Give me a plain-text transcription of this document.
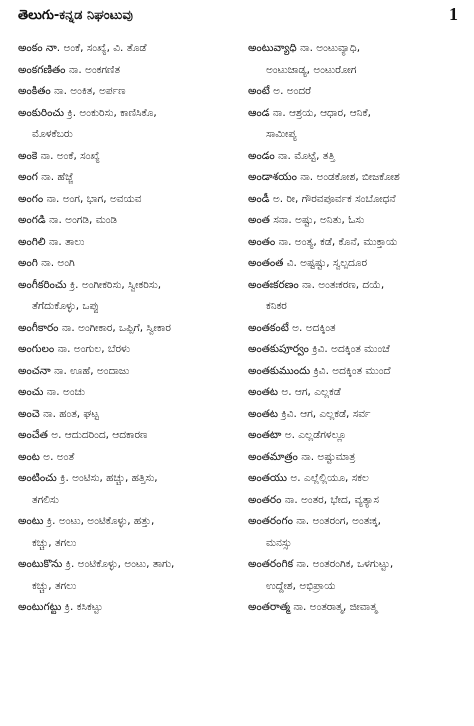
తెలుగు-ಕನ್ನಡ ನಿಘಂಟುವು	1

అంకం నా. ಅಂಕೆ, ಸಂಖ್ಯೆ, ವಿ. ತೊಡೆ

అంకగణితం ನಾ. ಅಂಕಗಣಿತ

అంకితం ನಾ. ಅಂಕಿತ, ಅರ್ಪಣ

అంకురించు ಕ್ರಿ. ಅಂಕುರಿಸು, ಕಾಣಿಸಿಕೊ,

ಮೊಳಕೆಬರು

అంకె ನಾ. ಅಂಕೆ, ಸಂಖ್ಯೆ

అంగ ನಾ. ಹೆಜ್ಜೆ

అంగం ನಾ. ಅಂಗ, ಭಾಗ, ಅವಯವ

అంగడి ನಾ. ಅಂಗಡಿ, ಮಂಡಿ

అంగిలి ನಾ. ತಾಲು

అంగి ನಾ. ಅಂಗಿ

అంగీకరించు ಕ್ರಿ. ಅಂಗೀಕರಿಸು, ಸ್ವೀಕರಿಸು,

ತೆಗೆದುಕೊಳ್ಳು, ಒಪ್ಪು

అంగీకారం ನಾ. ಅಂಗೀಕಾರ, ಒಪ್ಪಿಗೆ, ಸ್ವೀಕಾರ

అంగులం ನಾ. ಅಂಗುಲ, ಬೆರಳು

అంచనా ನಾ. ಊಹೆ, ಅಂದಾಜು

అంచు ನಾ. ಅಂಚು

అంచె ನಾ. ಹಂತ, ಘಟ್ಟ

అంచేత ಅ. ಆದುದರಿಂದ, ಆದಕಾರಣ

అంట ಅ. ಅಂತೆ

అంటించు ಕ್ರಿ. ಅಂಟಿಸು, ಹಚ್ಚು, ಹತ್ತಿಸು,

ತಗಲಿಸು

అంటు ಕ್ರಿ. ಅಂಟು, ಅಂಟಿಕೊಳ್ಳು, ಹತ್ತು,

ಕಚ್ಚು, ತಗಲು

అంటుకొను ಕ್ರಿ. ಅಂಟಿಕೊಳ್ಳು, ಅಂಟು, ತಾಗು,

ಕಚ್ಚು, ತಗಲು

అంటుగట్టు ಕ್ರಿ. ಕಸಿಕಟ್ಟು

అంటువ్యాధి ನಾ. ಅಂಟುವ್ಯಾಧಿ,

ಅಂಟುಜಾಡ್ಯ, ಅಂಟುರೋಗ

అంటే ಅ. ಅಂದರೆ

ఆండ ನಾ. ಆಶ್ರಯ, ಆಧಾರ, ಆನಿಕೆ,

ಸಾಮೀಪ್ಯ

అండం ನಾ. ಮೊಟ್ಟೆ, ತತ್ತಿ

అండాశయం ನಾ. ಅಂಡಕೋಶ, ಬೀಜಕೋಶ

అండీ ಅ. ರೀ, ಗೌರವಪೂರ್ವಕ ಸಂಬೋಧನೆ

అంత ಸನಾ. ಅಷ್ಟು, ಅನಿತು, ಓಸು

అంతం ನಾ. ಅಂತ್ಯ, ಕಡೆ, ಕೊನೆ, ಮುಕ್ತಾಯ

అంతంత ವಿ. ಅಷ್ಟಷ್ಟು, ಸ್ವಲ್ಪದೂರ

అంతఃకరణం ನಾ. ಅಂತಃಕರಣ, ದಯೆ,

ಕನಿಕರ

అంతకంటే ಅ. ಅದಕ್ಕಿಂತ

అంతకుపూర్వం ಕ್ರಿವಿ. ಅದಕ್ಕಿಂತ ಮುಂಚೆ

అంతకుముందు ಕ್ರಿವಿ. ಅದಕ್ಕಿಂತ ಮುಂದೆ

అంతట ಅ. ಆಗ, ಎಲ್ಲಕಡೆ

అంతట ಕ್ರಿವಿ. ಆಗ, ಎಲ್ಲಕಡೆ, ಸರ್ವ

అంతటా ಅ. ಎಲ್ಲಡೆಗಳಲ್ಲೂ

అంతమాత్రం ನಾ. ಅಷ್ಟುಮಾತ್ರ

అంతయు ಅ. ಎಲ್ಲೆಲ್ಲಿಯೂ, ಸಕಲ

అంతరం ನಾ. ಅಂತರ, ಭೇದ, ವ್ಯತ್ಯಾಸ

అంతరంగం ನಾ. ಅಂತರಂಗ, ಅಂತಃಕ್ಕ,

ಮನಸ್ಸು

అంతరంగిక ನಾ. ಅಂತರಂಗಿಕ, ಒಳಗುಟ್ಟು,

ಉದ್ದೇಶ, ಅಭಿಪ್ರಾಯ

అంతరాత్మ ನಾ. ಅಂತರಾತ್ಮ, ಜೀವಾತ್ಮ
